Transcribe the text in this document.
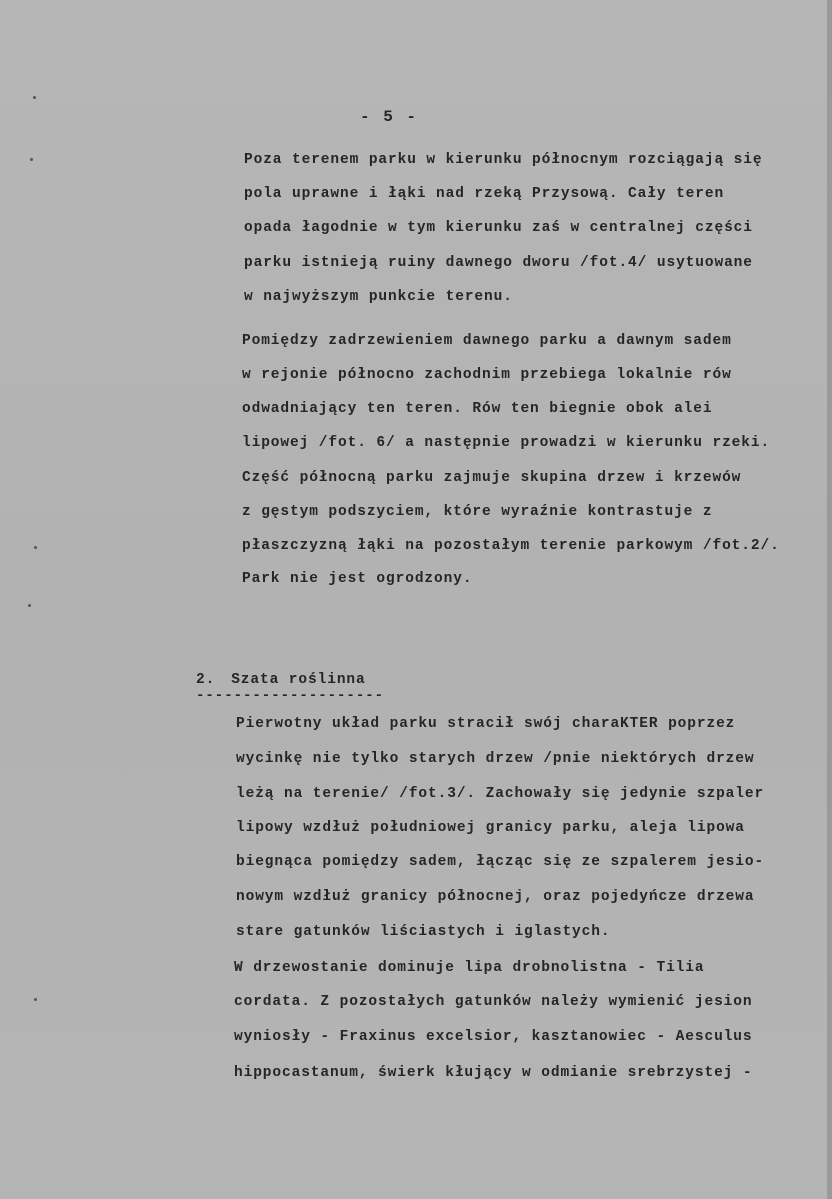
- 5 -
Poza terenem parku w kierunku północnym rozciągają się
pola uprawne i łąki nad rzeką Przysową. Cały teren
opada łagodnie w tym kierunku zaś w centralnej części
parku istnieją ruiny dawnego dworu /fot.4/ usytuowane
w najwyższym punkcie terenu.
Pomiędzy zadrzewieniem dawnego parku a dawnym sadem
w rejonie północno zachodnim przebiega lokalnie rów
odwadniający ten teren. Rów ten biegnie obok alei
lipowej /fot. 6/ a następnie prowadzi w kierunku rzeki.
Część północną parku zajmuje skupina drzew i krzewów
z gęstym podszyciem, które wyraźnie kontrastuje z
płaszczyzną łąki na pozostałym terenie parkowym /fot.2/.
Park nie jest ogrodzony.
2. Szata roślinna
--------------------
Pierwotny układ parku stracił swój charaKTER poprzez
wycinkę nie tylko starych drzew /pnie niektórych drzew
leżą na terenie/ /fot.3/. Zachowały się jedynie szpaler
lipowy wzdłuż południowej granicy parku, aleja lipowa
biegnąca pomiędzy sadem, łącząc się ze szpalerem jesio-
nowym wzdłuż granicy północnej, oraz pojedyńcze drzewa
stare gatunków liściastych i iglastych.
W drzewostanie dominuje lipa drobnolistna - Tilia
cordata. Z pozostałych gatunków należy wymienić jesion
wyniosły - Fraxinus excelsior, kasztanowiec - Aesculus
hippocastanum, świerk kłujący w odmianie srebrzystej -
